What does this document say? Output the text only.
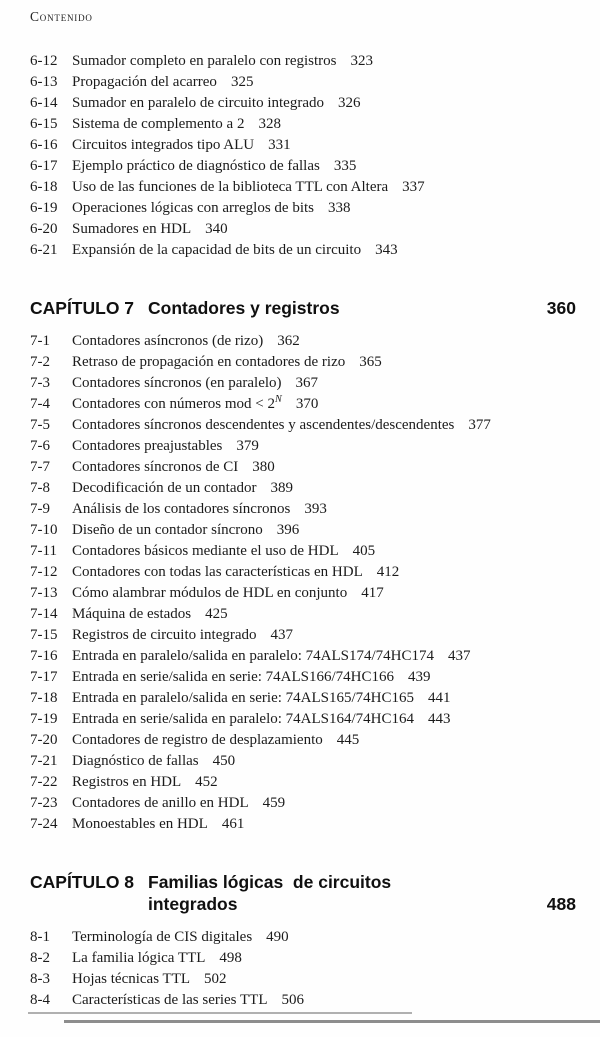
Contenido
6-12 Sumador completo en paralelo con registros 323
6-13 Propagación del acarreo 325
6-14 Sumador en paralelo de circuito integrado 326
6-15 Sistema de complemento a 2 328
6-16 Circuitos integrados tipo ALU 331
6-17 Ejemplo práctico de diagnóstico de fallas 335
6-18 Uso de las funciones de la biblioteca TTL con Altera 337
6-19 Operaciones lógicas con arreglos de bits 338
6-20 Sumadores en HDL 340
6-21 Expansión de la capacidad de bits de un circuito 343
CAPÍTULO 7 Contadores y registros	360
7-1	Contadores asíncronos (de rizo) 362
7-2	Retraso de propagación en contadores de rizo 365
7-3	Contadores síncronos (en paralelo) 367
7-4	Contadores con números mod < $2^N$ 370
7-5	Contadores síncronos descendentes y ascendentes/descendentes 377
7-6	Contadores preajustables 379
7-7	Contadores síncronos de CI 380
7-8	Decodificación de un contador 389
7-9	Análisis de los contadores síncronos 393
7-10 Diseño de un contador síncrono 396
7-11	Contadores básicos mediante el uso de HDL 405
7-12 Contadores con todas las características en HDL 412
7-13 Cómo alambrar módulos de HDL en conjunto 417
7-14 Máquina de estados 425
7-15 Registros de circuito integrado 437
7-16 Entrada en paralelo/salida en paralelo: 74ALS174/74HC174 437
7-17 Entrada en serie/salida en serie: 74ALS166/74HC166 439
7-18 Entrada en paralelo/salida en serie: 74ALS165/74HC165 441
7-19 Entrada en serie/salida en paralelo: 74ALS164/74HC164 443
7-20 Contadores de registro de desplazamiento 445
7-21 Diagnóstico de fallas 450
7-22 Registros en HDL 452
7-23 Contadores de anillo en HDL 459
7-24 Monoestables en HDL 461
CAPÍTULO 8 Familias lógicas  de circuitos
integrados	488
8-1	Terminología de CIS digitales 490
8-2	La familia lógica TTL 498
8-3	Hojas técnicas TTL 502
8-4	Características de las series TTL 506
